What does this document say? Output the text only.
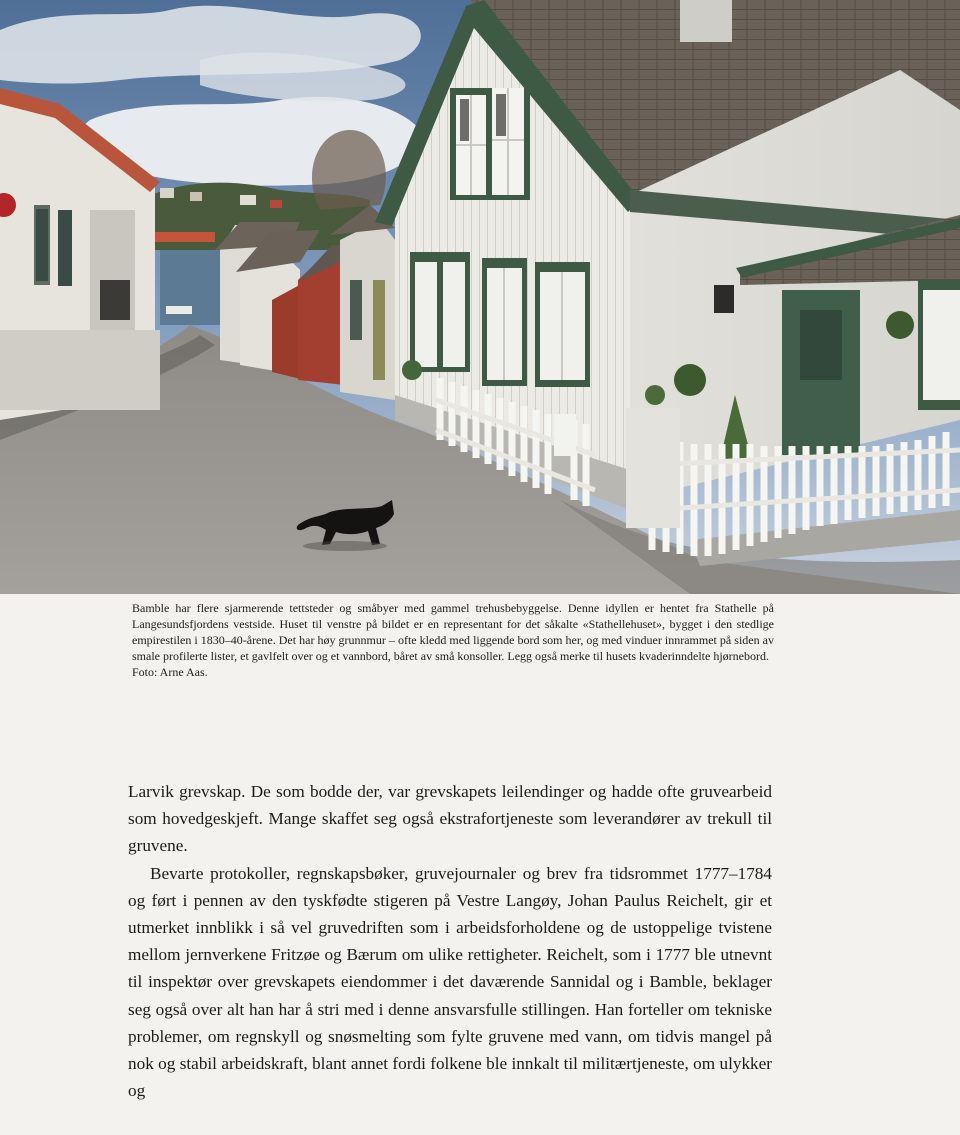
Bamble har flere sjarmerende tettsteder og småbyer med gammel trehusbebyggelse. Denne idyllen er hentet fra Stathelle på Langesundsfjordens vestside. Huset til venstre på bildet er en representant for det såkalte «Stathellehuset», bygget i den stedlige empirestilen i 1830–40-årene. Det har høy grunnmur – ofte kledd med liggende bord som her, og med vinduer innrammet på siden av smale profilerte lister, et gavlfelt over og et vannbord, båret av små konsoller. Legg også merke til husets kvaderinndelte hjørnebord.

Foto: Arne Aas.

Larvik grevskap. De som bodde der, var grevskapets leilendinger og hadde ofte gruvearbeid som hovedgeskjeft. Mange skaffet seg også ekstrafortjeneste som leverandører av trekull til gruvene.

Bevarte protokoller, regnskapsbøker, gruvejournaler og brev fra tidsrommet 1777–1784 og ført i pennen av den tyskfødte stigeren på Vestre Langøy, Johan Paulus Reichelt, gir et utmerket innblikk i så vel gruvedriften som i arbeidsforholdene og de ustoppelige tvistene mellom jernverkene Fritzøe og Bærum om ulike rettigheter. Reichelt, som i 1777 ble utnevnt til inspektør over grevskapets eiendommer i det daværende Sannidal og i Bamble, beklager seg også over alt han har å stri med i denne ansvarsfulle stillingen. Han forteller om tekniske problemer, om regnskyll og snøsmelting som fylte gruvene med vann, om tidvis mangel på nok og stabil arbeidskraft, blant annet fordi folkene ble innkalt til militærtjeneste, om ulykker og
